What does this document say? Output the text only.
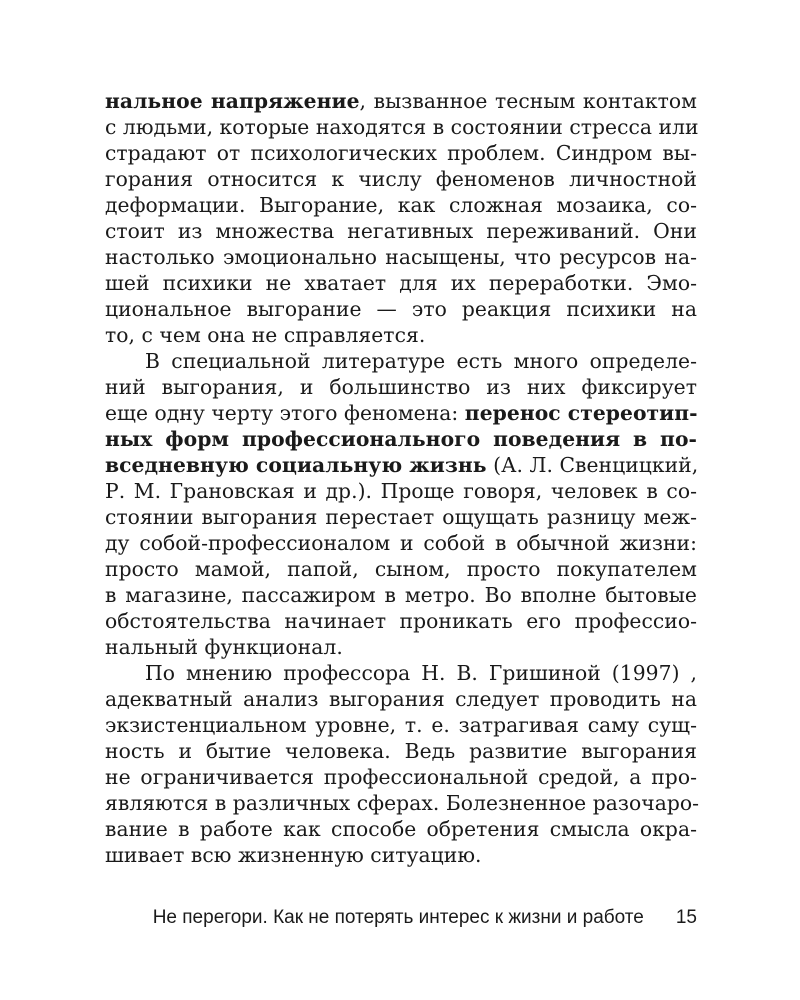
нальное напряжение, вызванное тесным контактом
с людьми, которые находятся в состоянии стресса или
страдают от психологических проблем. Синдром вы-
горания относится к числу феноменов личностной
деформации. Выгорание, как сложная мозаика, со-
стоит из множества негативных переживаний. Они
настолько эмоционально насыщены, что ресурсов на-
шей психики не хватает для их переработки. Эмо-
циональное выгорание — это реакция психики на
то, с чем она не справляется.
В специальной литературе есть много определе-
ний выгорания, и большинство из них фиксирует
еще одну черту этого феномена: перенос стереотип-
ных форм профессионального поведения в по-
вседневную социальную жизнь (А. Л. Свенцицкий,
Р. М. Грановская и др.). Проще говоря, человек в со-
стоянии выгорания перестает ощущать разницу меж-
ду собой-профессионалом и собой в обычной жизни:
просто мамой, папой, сыном, просто покупателем
в магазине, пассажиром в метро. Во вполне бытовые
обстоятельства начинает проникать его профессио-
нальный функционал.
По мнению профессора Н. В. Гришиной (1997) ,
адекватный анализ выгорания следует проводить на
экзистенциальном уровне, т. е. затрагивая саму сущ-
ность и бытие человека. Ведь развитие выгорания
не ограничивается профессиональной средой, а про-
являются в различных сферах. Болезненное разочаро-
вание в работе как способе обретения смысла окра-
шивает всю жизненную ситуацию.
Не перегори. Как не потерять интерес к жизни и работе 15
